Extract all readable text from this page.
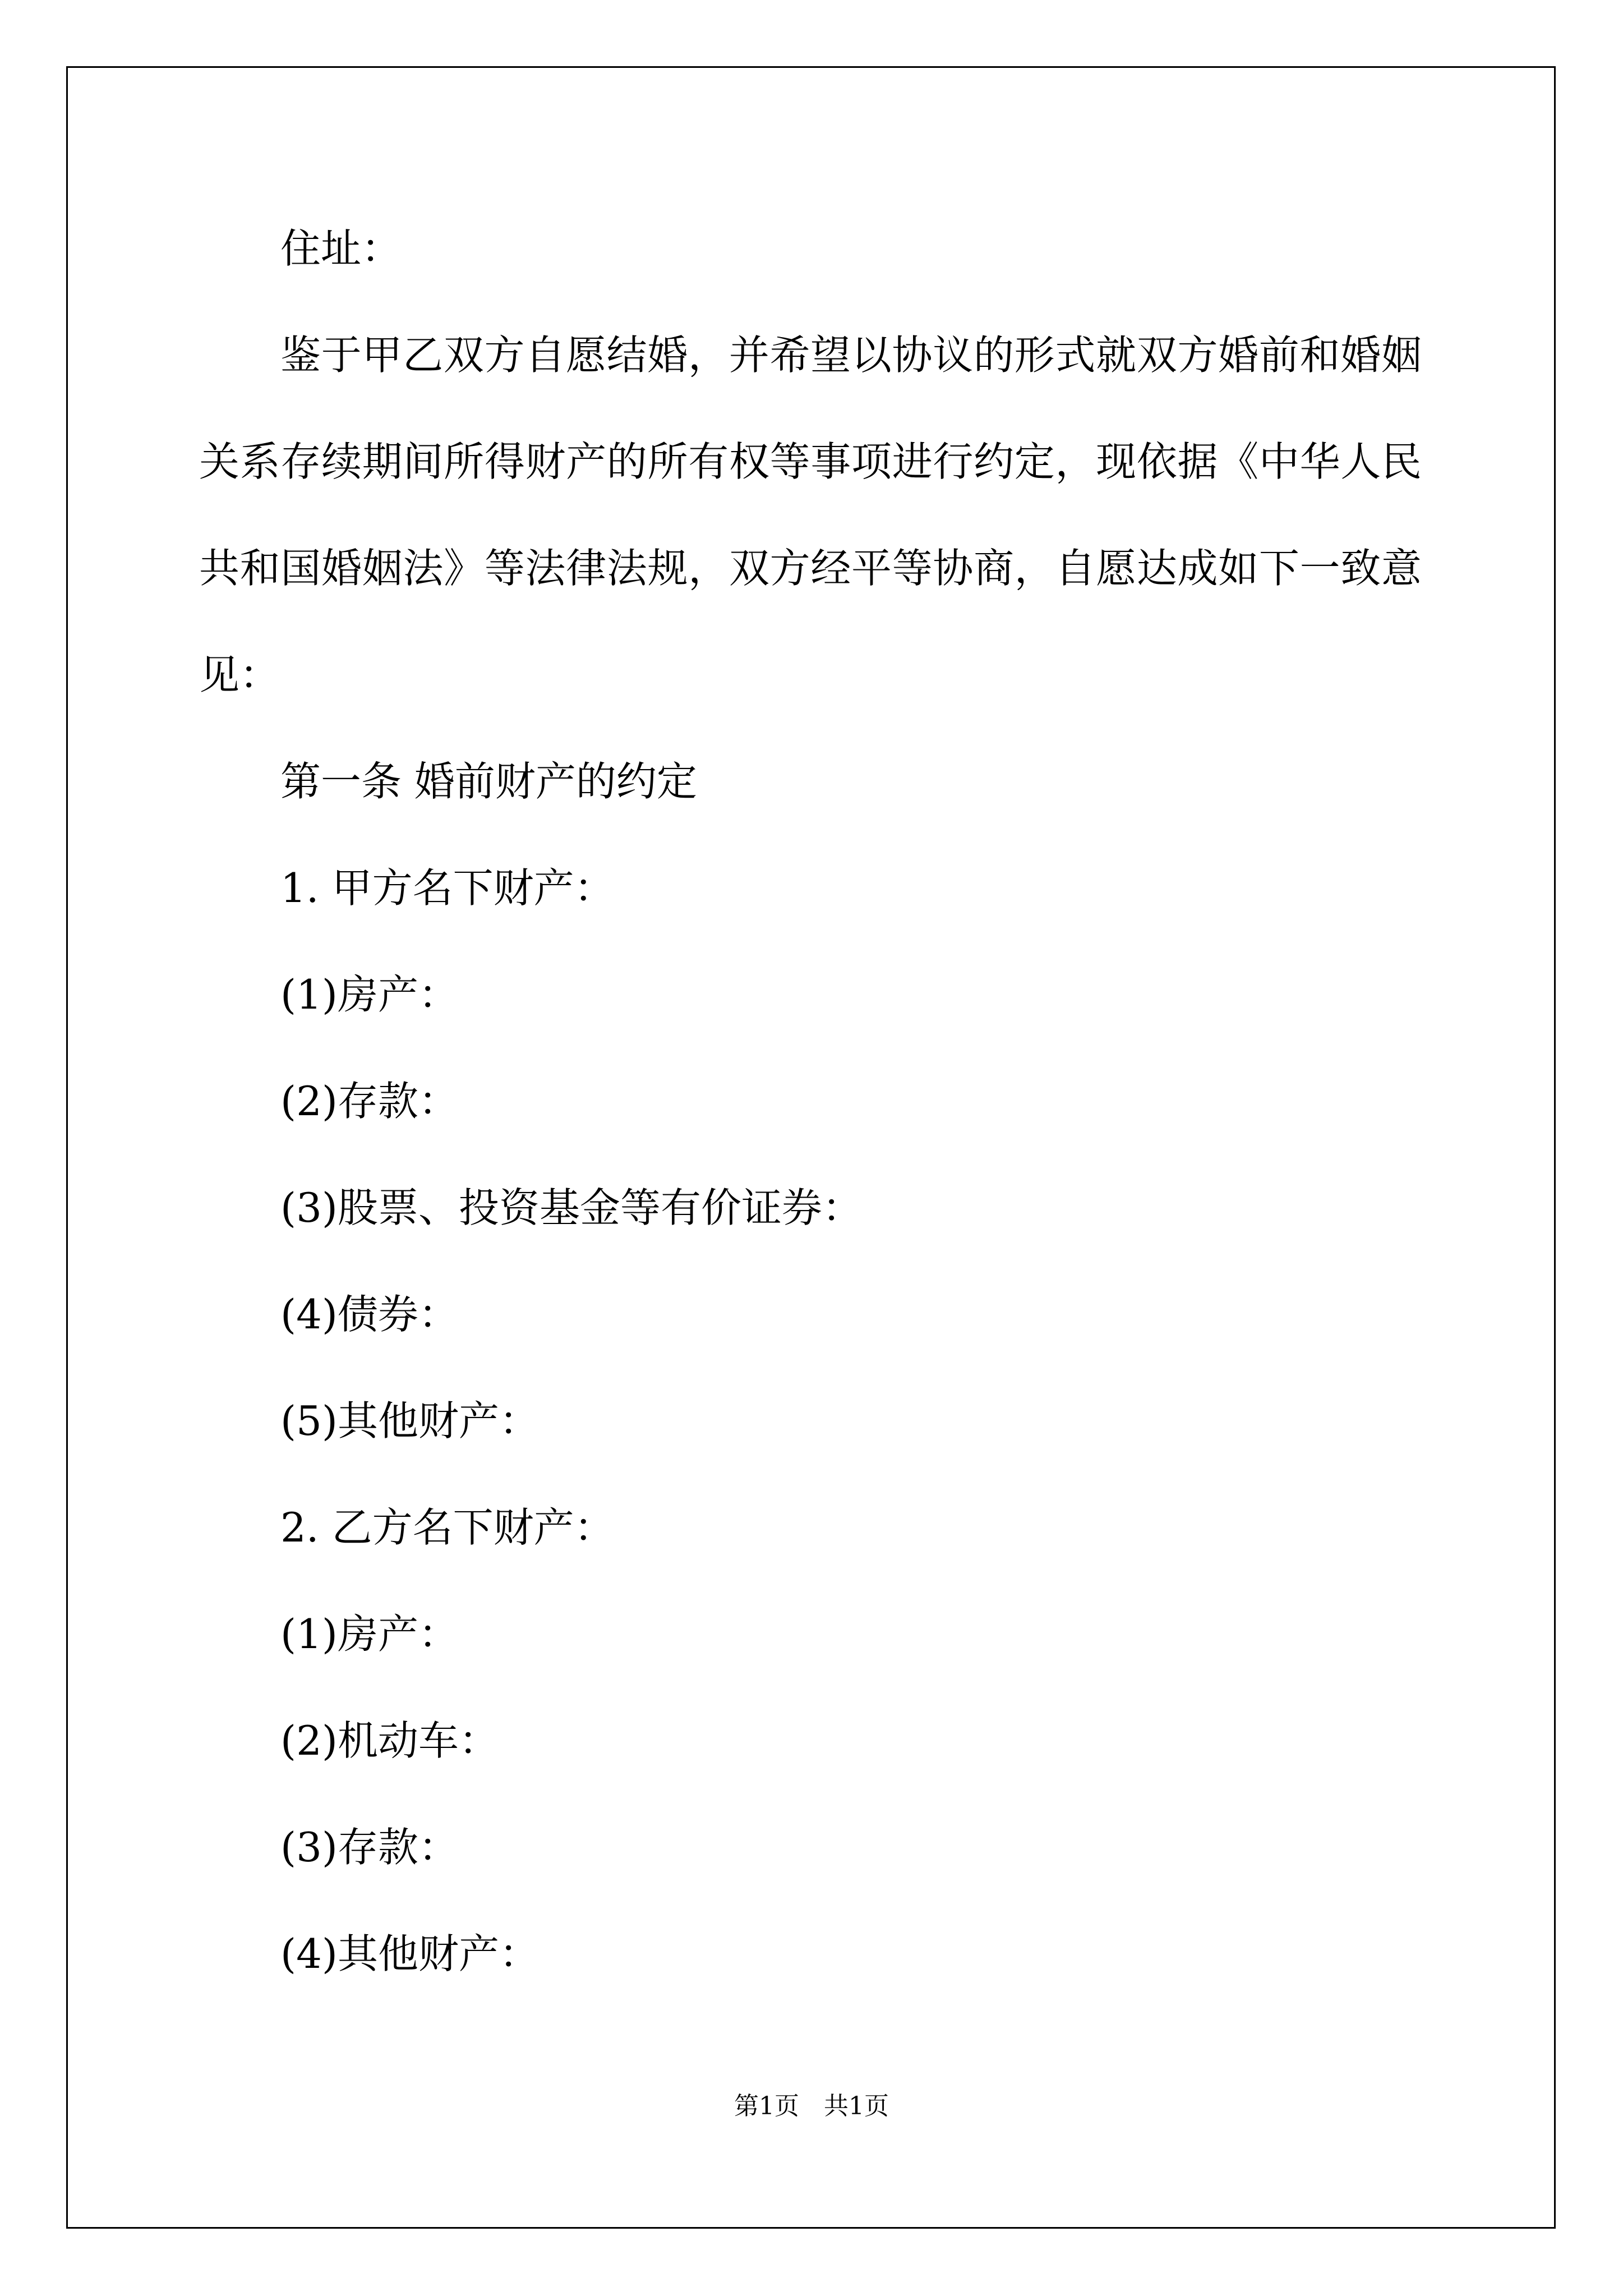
住址：
鉴于甲乙双方自愿结婚，并希望以协议的形式就双方婚前和婚姻
关系存续期间所得财产的所有权等事项进行约定，现依据《中华人民
共和国婚姻法》等法律法规，双方经平等协商，自愿达成如下一致意
见：
第一条 婚前财产的约定
1. 甲方名下财产：
(1)房产：
(2)存款：
(3)股票、投资基金等有价证券：
(4)债券：
(5)其他财产：
2. 乙方名下财产：
(1)房产：
(2)机动车：
(3)存款：
(4)其他财产：
第1页　共1页
